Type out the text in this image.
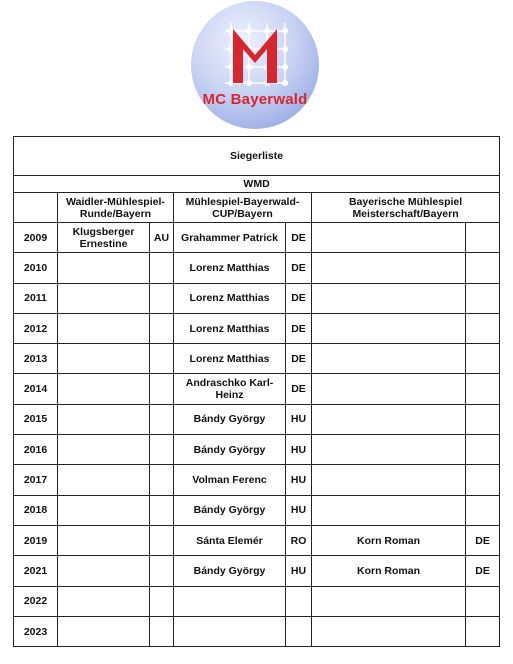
MC Bayerwald
Siegerliste						
WMD						
	Waidler-Mühlespiel-Runde/Bayern		Mühlespiel-Bayerwald-CUP/Bayern		Bayerische Mühlespiel Meisterschaft/Bayern	
2009	Klugsberger Ernestine	AU	Grahammer Patrick	DE		
2010			Lorenz Matthias	DE		
2011			Lorenz Matthias	DE		
2012			Lorenz Matthias	DE		
2013			Lorenz Matthias	DE		
2014			Andraschko Karl-Heinz	DE		
2015			Bándy György	HU		
2016			Bándy György	HU		
2017			Volman Ferenc	HU		
2018			Bándy György	HU		
2019			Sánta Elemér	RO	Korn Roman	DE
2021			Bándy György	HU	Korn Roman	DE
2022						
2023						
